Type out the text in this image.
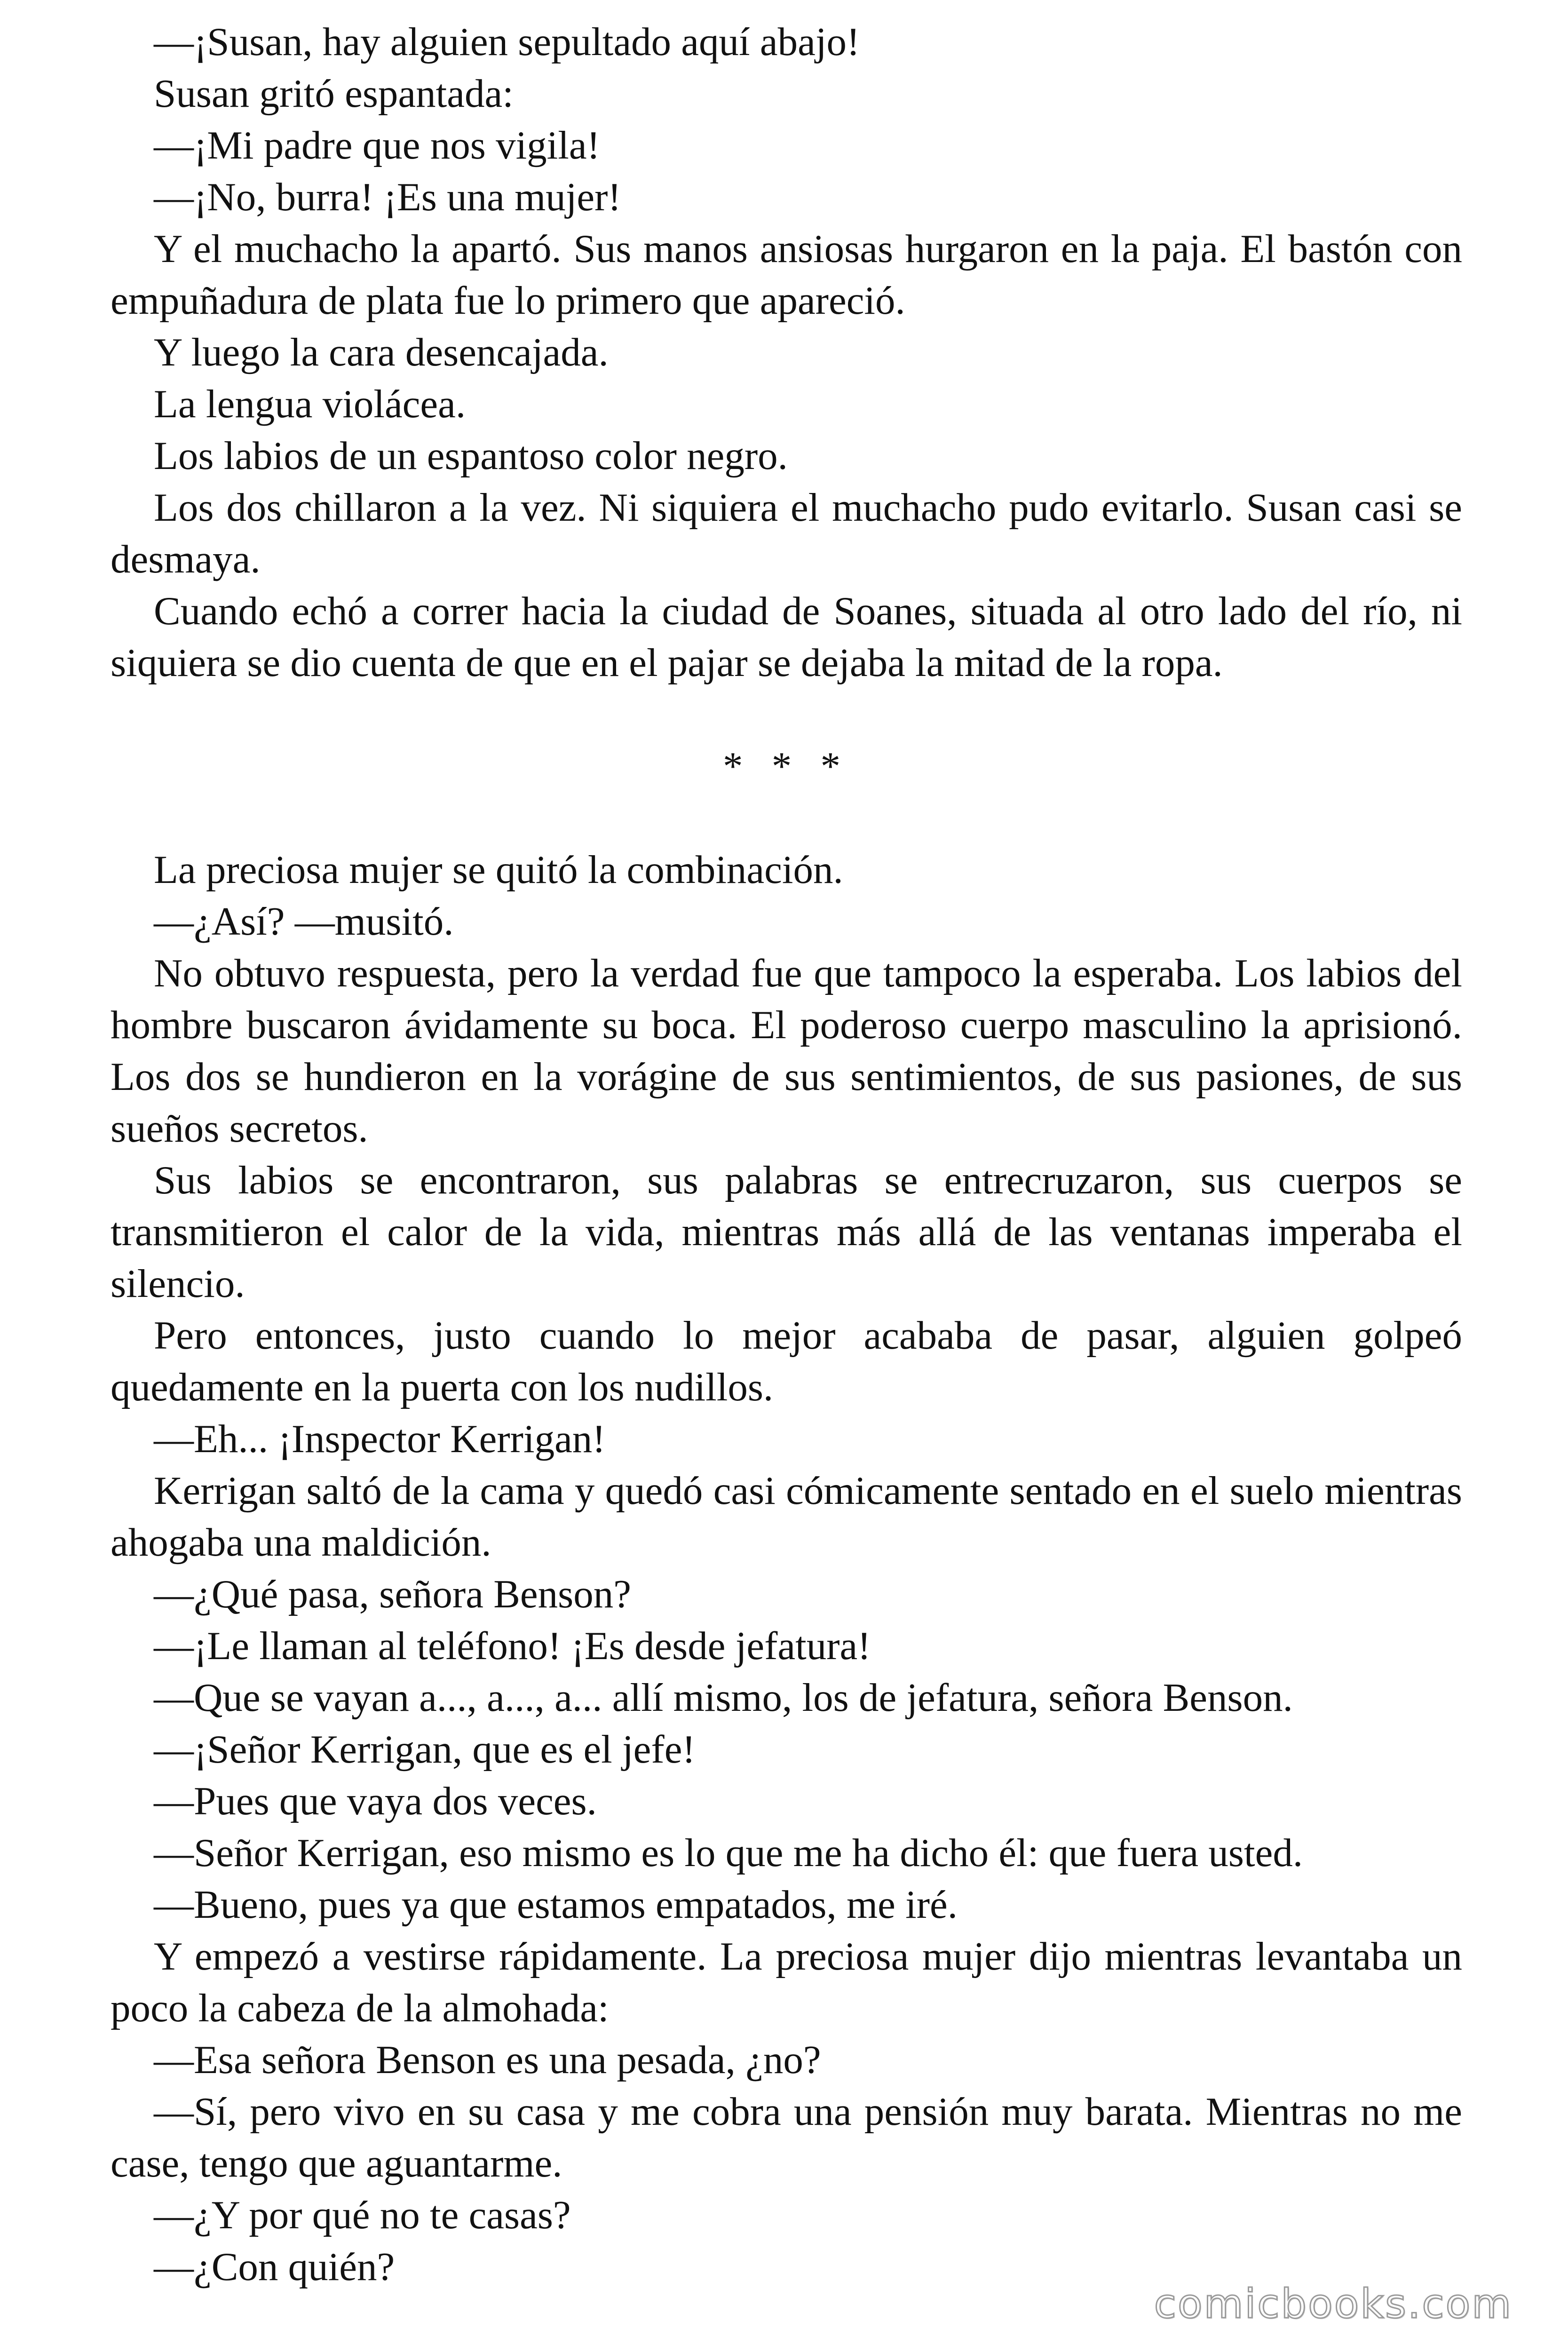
—¡Susan, hay alguien sepultado aquí abajo!

Susan gritó espantada:

—¡Mi padre que nos vigila!

—¡No, burra! ¡Es una mujer!

Y el muchacho la apartó. Sus manos ansiosas hurgaron en la paja. El bastón con empuñadura de plata fue lo primero que apareció.

Y luego la cara desencajada.

La lengua violácea.

Los labios de un espantoso color negro.

Los dos chillaron a la vez. Ni siquiera el muchacho pudo evitarlo. Susan casi se desmaya.

Cuando echó a correr hacia la ciudad de Soanes, situada al otro lado del río, ni siquiera se dio cuenta de que en el pajar se dejaba la mitad de la ropa.

* * *

La preciosa mujer se quitó la combinación.

—¿Así? —musitó.

No obtuvo respuesta, pero la verdad fue que tampoco la esperaba. Los labios del hombre buscaron ávidamente su boca. El poderoso cuerpo masculino la aprisionó. Los dos se hundieron en la vorágine de sus sentimientos, de sus pasiones, de sus sueños secretos.

Sus labios se encontraron, sus palabras se entrecruzaron, sus cuerpos se transmitieron el calor de la vida, mientras más allá de las ventanas imperaba el silencio.

Pero entonces, justo cuando lo mejor acababa de pasar, alguien golpeó quedamente en la puerta con los nudillos.

—Eh... ¡Inspector Kerrigan!

Kerrigan saltó de la cama y quedó casi cómicamente sentado en el suelo mientras ahogaba una maldición.

—¿Qué pasa, señora Benson?

—¡Le llaman al teléfono! ¡Es desde jefatura!

—Que se vayan a..., a..., a... allí mismo, los de jefatura, señora Benson.

—¡Señor Kerrigan, que es el jefe!

—Pues que vaya dos veces.

—Señor Kerrigan, eso mismo es lo que me ha dicho él: que fuera usted.

—Bueno, pues ya que estamos empatados, me iré.

Y empezó a vestirse rápidamente. La preciosa mujer dijo mientras levantaba un poco la cabeza de la almohada:

—Esa señora Benson es una pesada, ¿no?

—Sí, pero vivo en su casa y me cobra una pensión muy barata. Mientras no me case, tengo que aguantarme.

—¿Y por qué no te casas?

—¿Con quién?

comicbooks.com
